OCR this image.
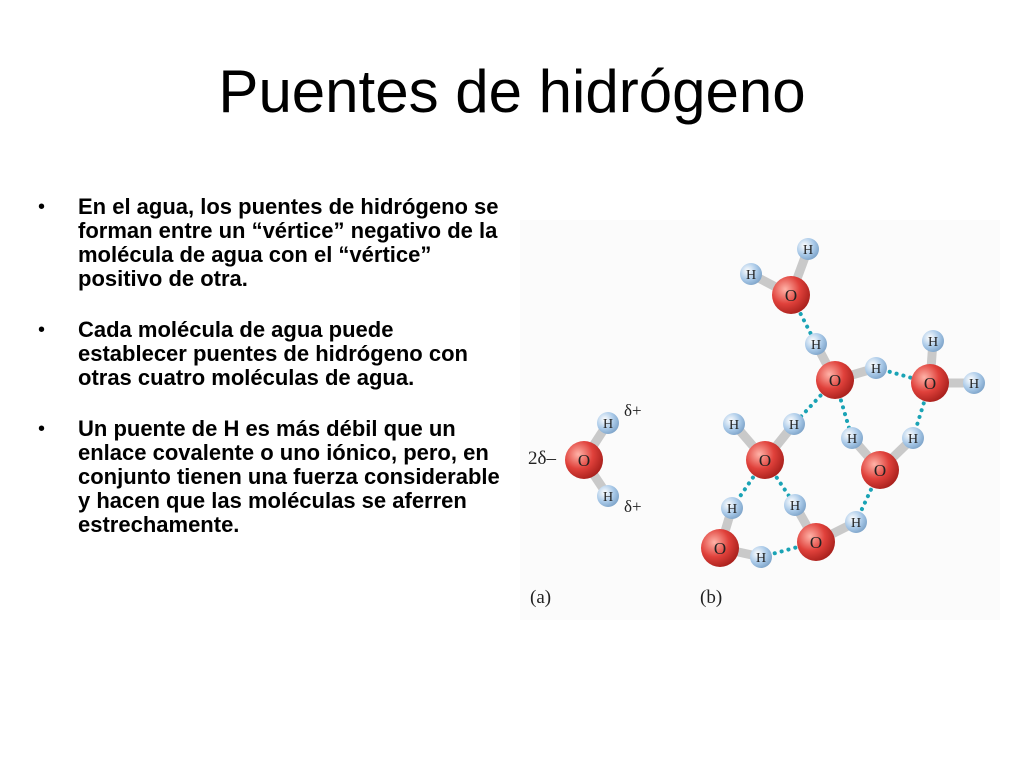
Puentes de hidrógeno
• En el agua, los puentes de hidrógeno se forman entre un “vértice” negativo de la molécula de agua con el “vértice” positivo de otra.
• Cada molécula de agua puede establecer puentes de hidrógeno con otras cuatro moléculas de agua.
• Un puente de H es más débil que un enlace covalente o uno iónico, pero, en conjunto tienen una fuerza considerable y hacen que las moléculas se aferren estrechamente.
O
H
H
O
H
H
O
H
H
O
H
H
O
H	H
O
H	H
O
H
H
O
H
H
2δ–
δ+
δ+
(a)	(b)
